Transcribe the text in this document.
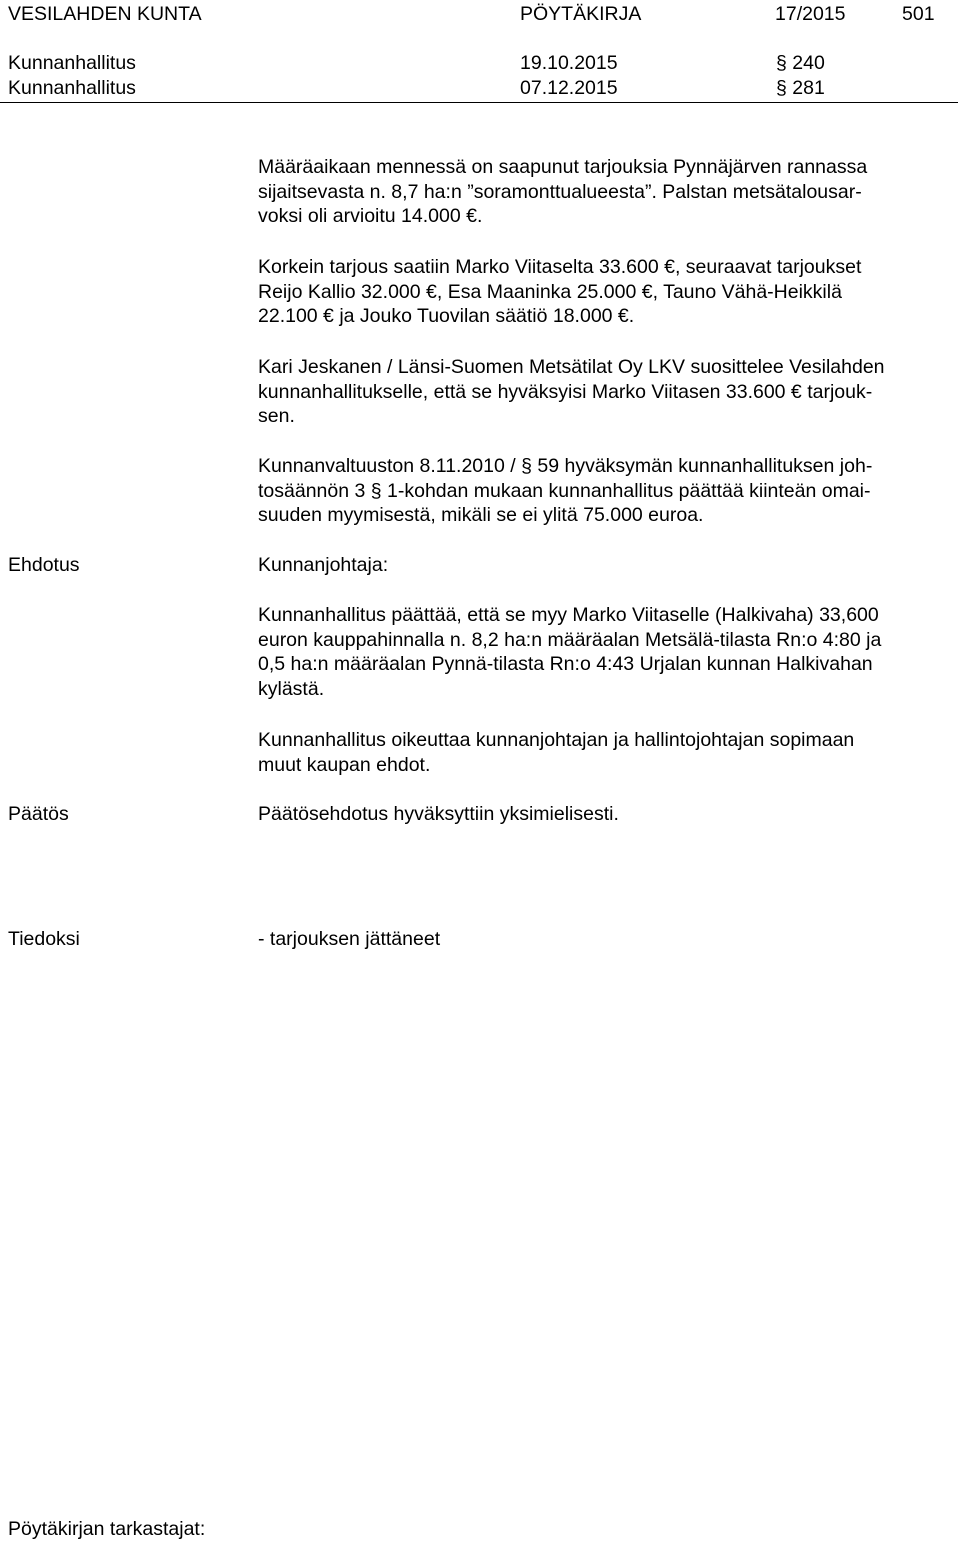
VESILAHDEN KUNTA	PÖYTÄKIRJA	17/2015	501
Kunnanhallitus	19.10.2015	§ 240
Kunnanhallitus	07.12.2015	§ 281
Määräaikaan mennessä on saapunut tarjouksia Pynnäjärven rannassa
sijaitsevasta n. 8,7 ha:n ”soramonttualueesta”. Palstan metsätalousar-
voksi oli arvioitu 14.000 €.
Korkein tarjous saatiin Marko Viitaselta 33.600 €, seuraavat tarjoukset
Reijo Kallio 32.000 €, Esa Maaninka 25.000 €, Tauno Vähä-Heikkilä
22.100 € ja Jouko Tuovilan säätiö 18.000 €.
Kari Jeskanen / Länsi-Suomen Metsätilat Oy LKV suosittelee Vesilahden
kunnanhallitukselle, että se hyväksyisi Marko Viitasen 33.600 € tarjouk-
sen.
Kunnanvaltuuston 8.11.2010 / § 59 hyväksymän kunnanhallituksen joh-
tosäännön 3 § 1-kohdan mukaan kunnanhallitus päättää kiinteän omai-
suuden myymisestä, mikäli se ei ylitä 75.000 euroa.
Ehdotus	Kunnanjohtaja:
Kunnanhallitus päättää, että se myy Marko Viitaselle (Halkivaha) 33,600
euron kauppahinnalla n. 8,2 ha:n määräalan Metsälä-tilasta Rn:o 4:80 ja
0,5 ha:n määräalan Pynnä-tilasta Rn:o 4:43 Urjalan kunnan Halkivahan
kylästä.
Kunnanhallitus oikeuttaa kunnanjohtajan ja hallintojohtajan sopimaan
muut kaupan ehdot.
Päätös	Päätösehdotus hyväksyttiin yksimielisesti.
Tiedoksi	- tarjouksen jättäneet
Pöytäkirjan tarkastajat:
